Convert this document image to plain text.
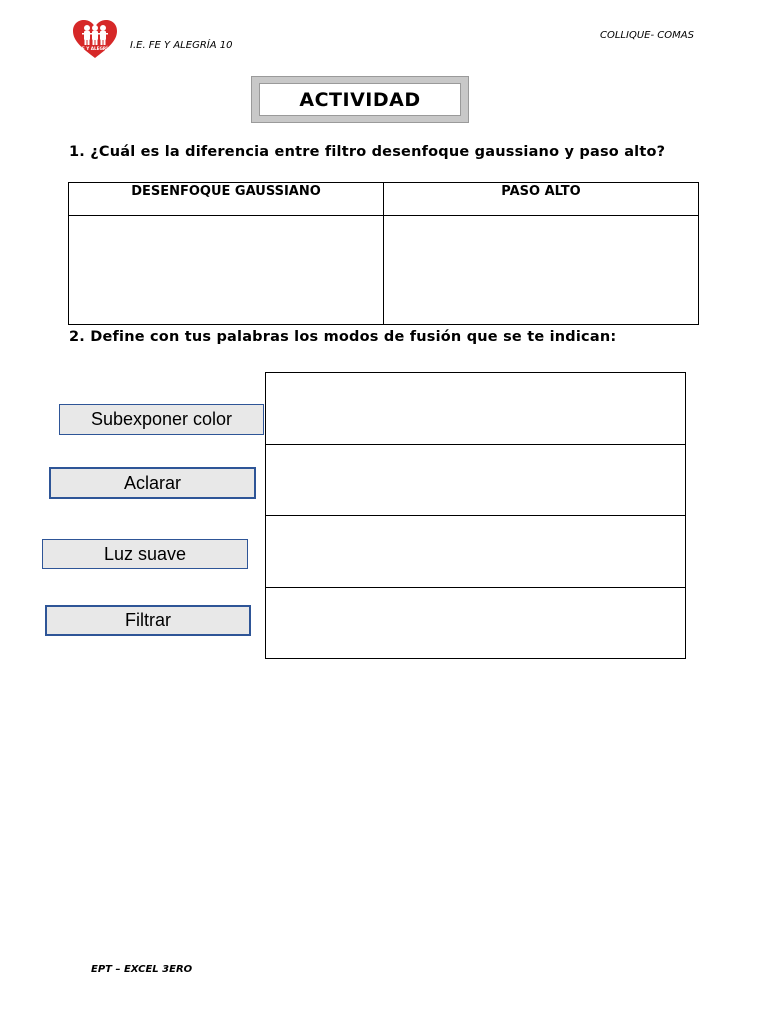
FE Y ALEGRÍA I.E. FE Y ALEGRÍA 10
COLLIQUE- COMAS
ACTIVIDAD
1. ¿Cuál es la diferencia entre filtro desenfoque gaussiano y paso alto?
DESENFOQUE GAUSSIANO	PASO ALTO

2. Define con tus palabras los modos de fusión que se te indican:
Subexponer color
Aclarar
Luz suave
Filtrar
EPT – EXCEL 3ERO
